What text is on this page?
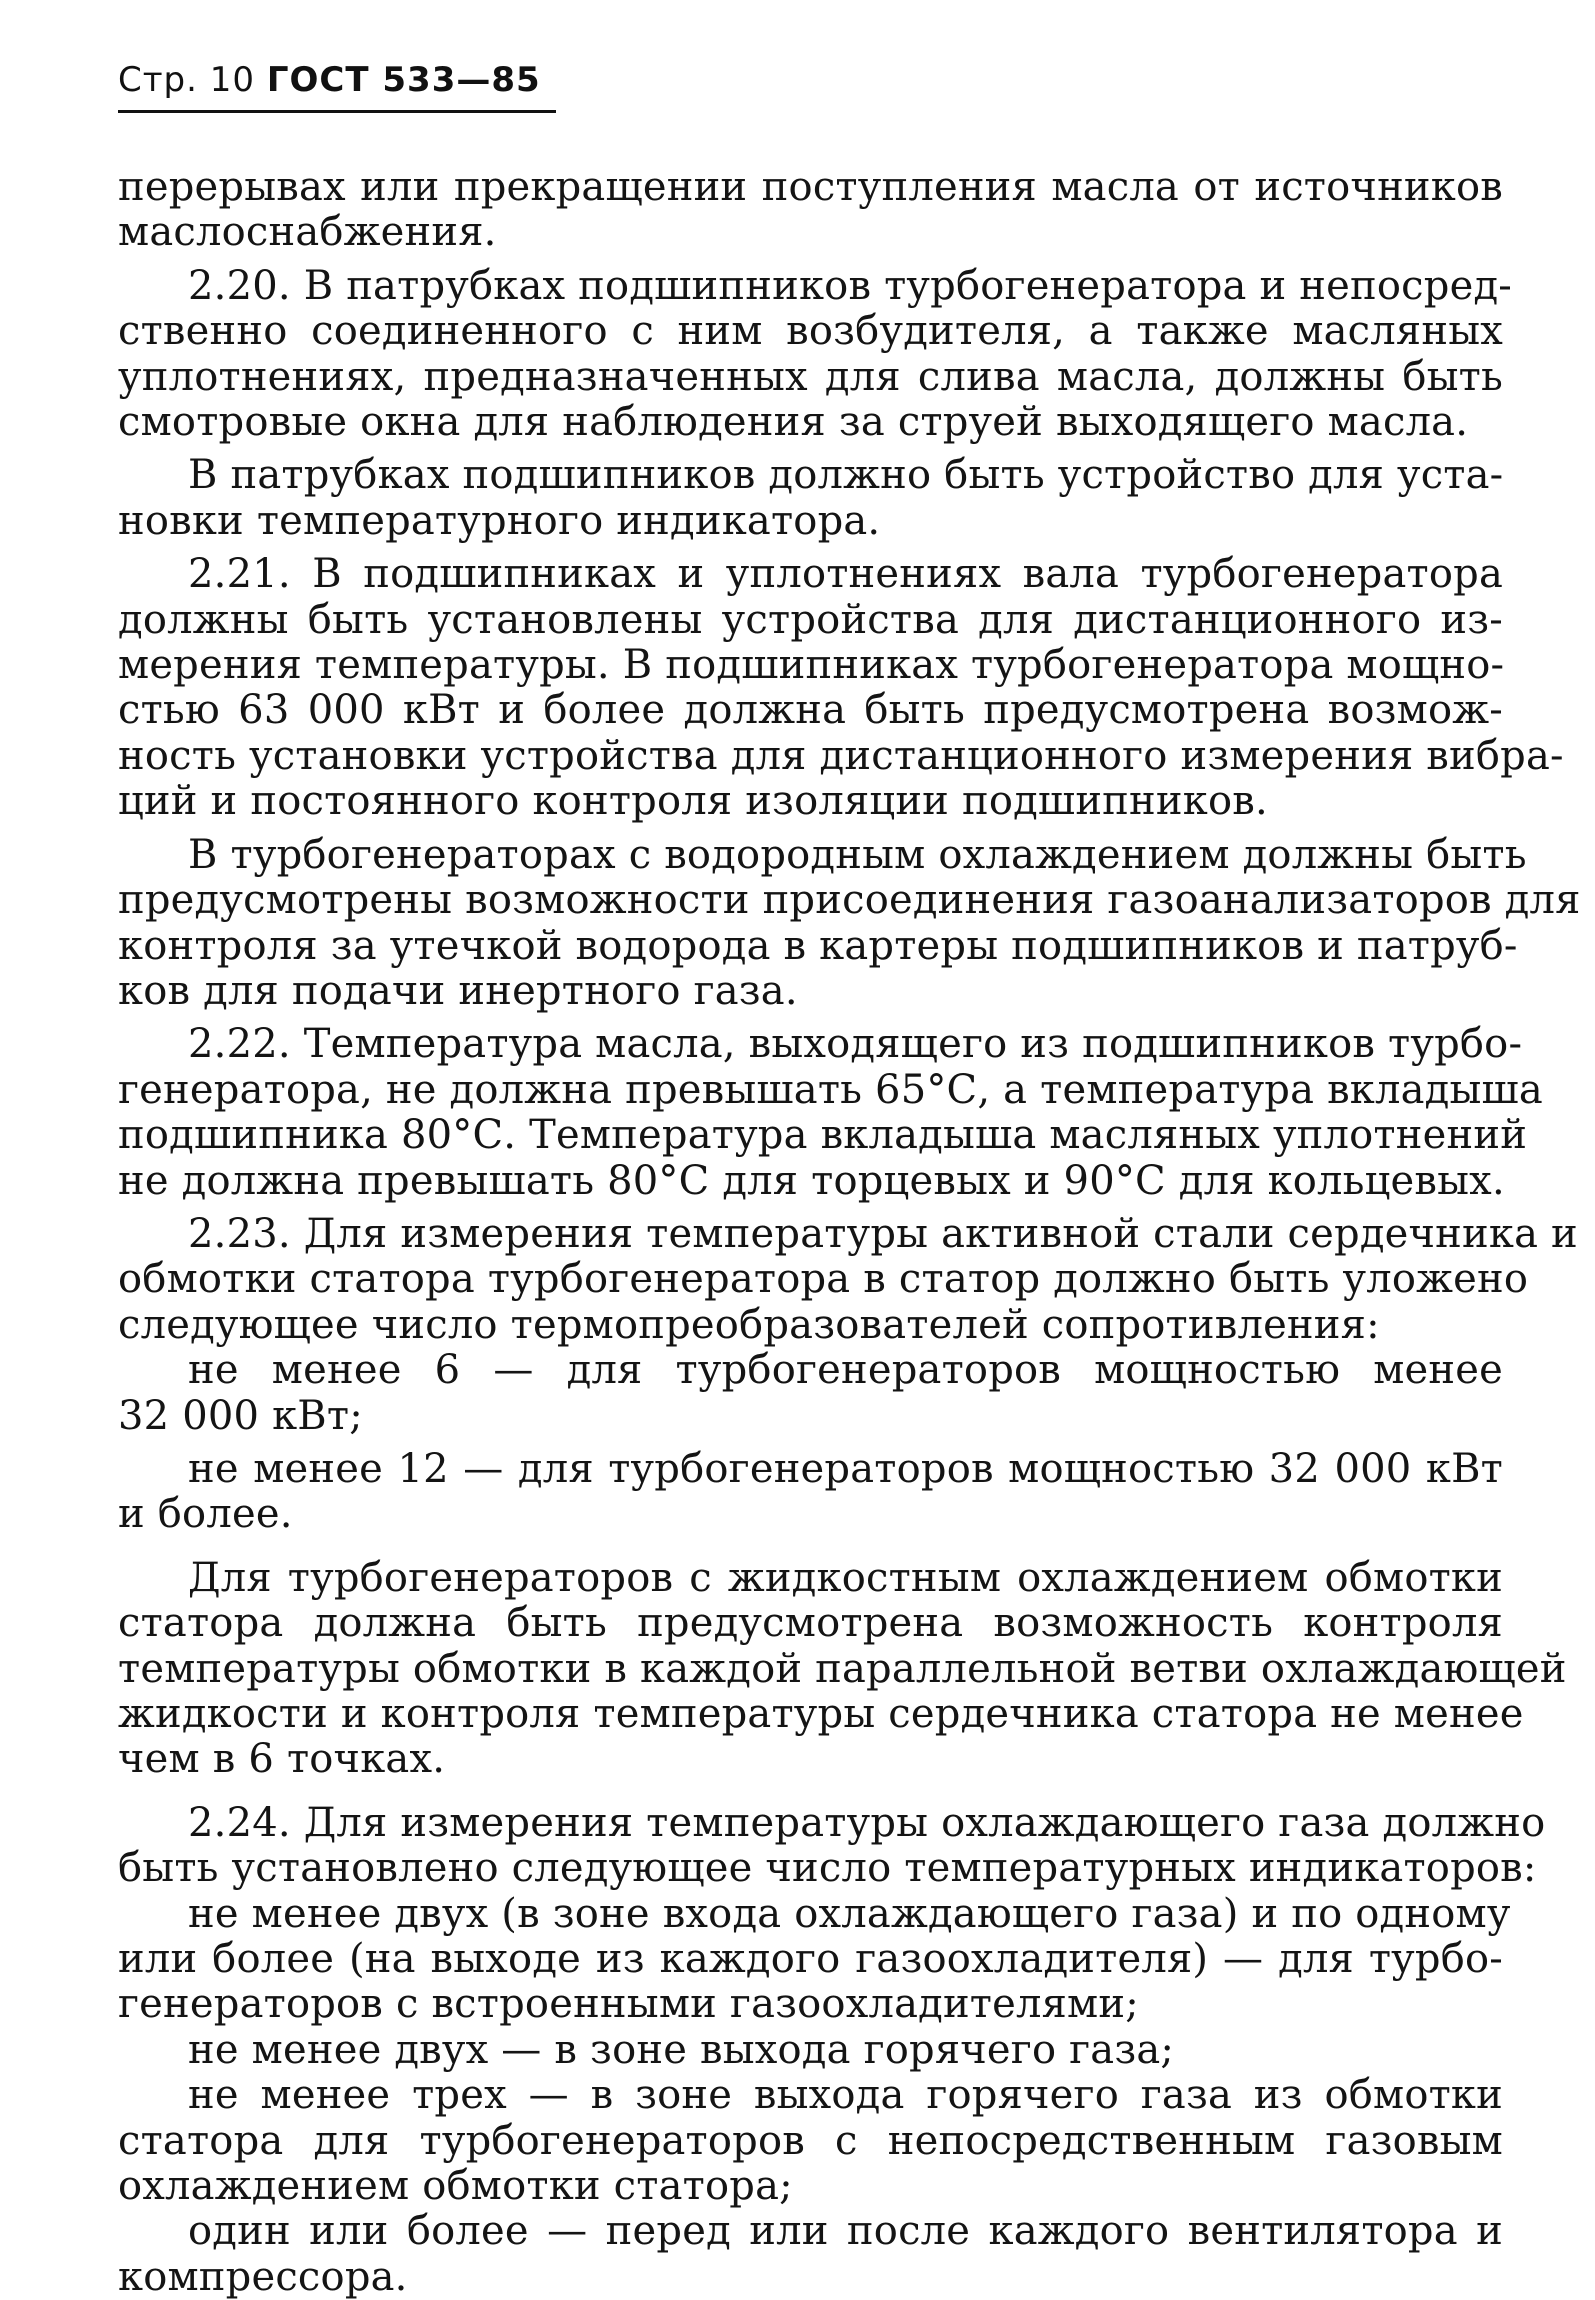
Стр. 10 ГОСТ 533—85
перерывах или прекращении поступления масла от источников
маслоснабжения.
2.20. В патрубках подшипников турбогенератора и непосред-
ственно соединенного с ним возбудителя, а также масляных
уплотнениях, предназначенных для слива масла, должны быть
смотровые окна для наблюдения за струей выходящего масла.
В патрубках подшипников должно быть устройство для уста-
новки температурного индикатора.
2.21. В подшипниках и уплотнениях вала турбогенератора
должны быть установлены устройства для дистанционного из-
мерения температуры. В подшипниках турбогенератора мощно-
стью 63 000 кВт и более должна быть предусмотрена возмож-
ность установки устройства для дистанционного измерения вибра-
ций и постоянного контроля изоляции подшипников.
В турбогенераторах с водородным охлаждением должны быть
предусмотрены возможности присоединения газоанализаторов для
контроля за утечкой водорода в картеры подшипников и патруб-
ков для подачи инертного газа.
2.22. Температура масла, выходящего из подшипников турбо-
генератора, не должна превышать 65°С, а температура вкладыша
подшипника 80°С. Температура вкладыша масляных уплотнений
не должна превышать 80°С для торцевых и 90°С для кольцевых.
2.23. Для измерения температуры активной стали сердечника и
обмотки статора турбогенератора в статор должно быть уложено
следующее число термопреобразователей сопротивления:
не менее 6 — для турбогенераторов мощностью менее
32 000 кВт;
не менее 12 — для турбогенераторов мощностью 32 000 кВт
и более.
Для турбогенераторов с жидкостным охлаждением обмотки
статора должна быть предусмотрена возможность контроля
температуры обмотки в каждой параллельной ветви охлаждающей
жидкости и контроля температуры сердечника статора не менее
чем в 6 точках.
2.24. Для измерения температуры охлаждающего газа должно
быть установлено следующее число температурных индикаторов:
не менее двух (в зоне входа охлаждающего газа) и по одному
или более (на выходе из каждого газоохладителя) — для турбо-
генераторов с встроенными газоохладителями;
не менее двух — в зоне выхода горячего газа;
не менее трех — в зоне выхода горячего газа из обмотки
статора для турбогенераторов с непосредственным газовым
охлаждением обмотки статора;
один или более — перед или после каждого вентилятора и
компрессора.
